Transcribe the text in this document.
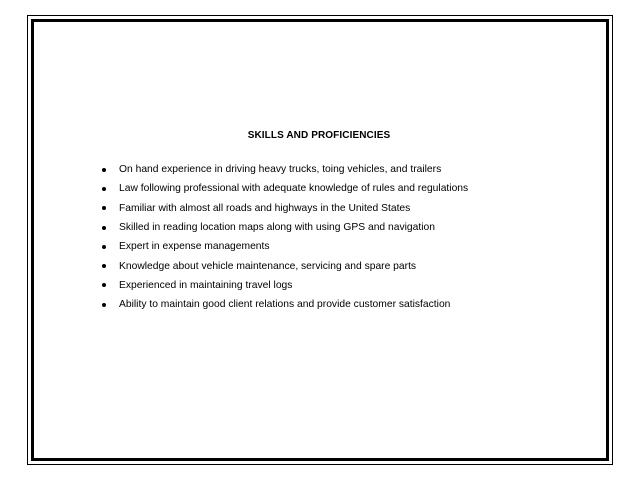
SKILLS AND PROFICIENCIES
On hand experience in driving heavy trucks, toing vehicles, and trailers
Law following professional with adequate knowledge of rules and regulations
Familiar with almost all roads and highways in the United States
Skilled in reading location maps along with using GPS and navigation
Expert in expense managements
Knowledge about vehicle maintenance, servicing and spare parts
Experienced in maintaining travel logs
Ability to maintain good client relations and provide customer satisfaction
